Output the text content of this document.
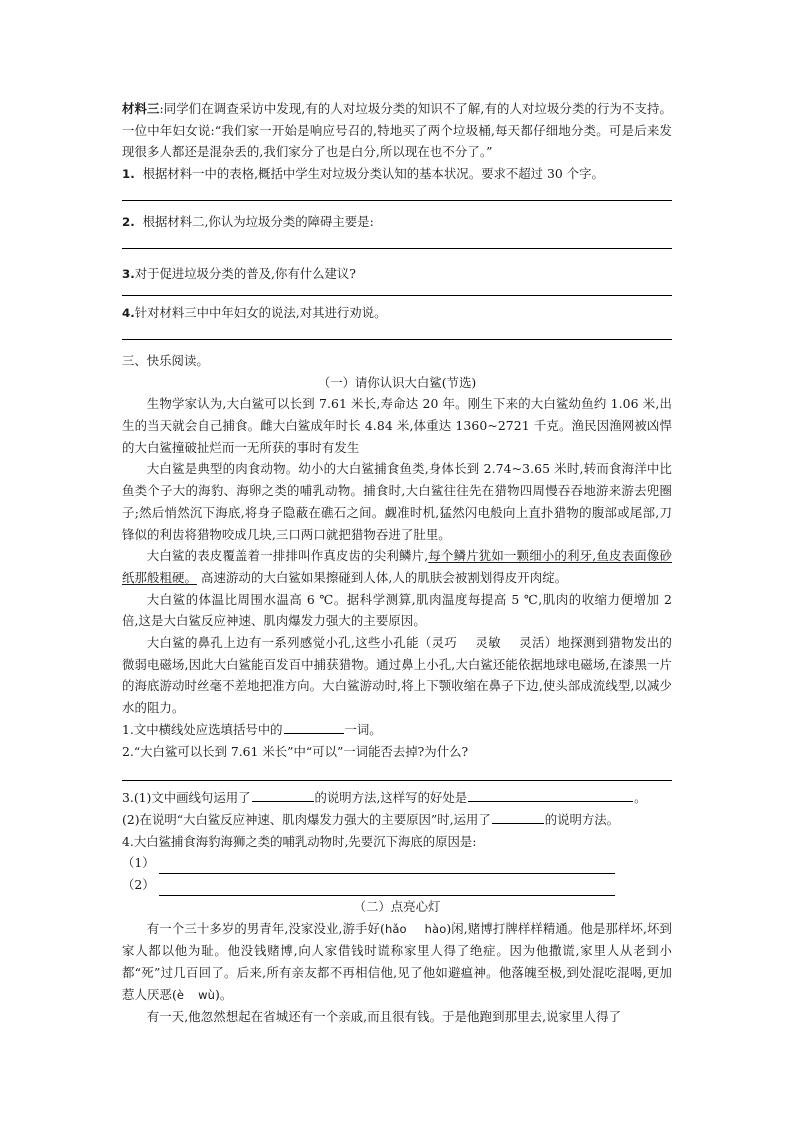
材料三:同学们在调查采访中发现,有的人对垃圾分类的知识不了解,有的人对垃圾分类的行为不支持。一位中年妇女说:“我们家一开始是响应号召的,特地买了两个垃圾桶,每天都仔细地分类。可是后来发现很多人都还是混杂丢的,我们家分了也是白分,所以现在也不分了。”

1. 根据材料一中的表格,概括中学生对垃圾分类认知的基本状况。要求不超过 30 个字。

2. 根据材料二,你认为垃圾分类的障碍主要是:

3.对于促进垃圾分类的普及,你有什么建议?

4.针对材料三中中年妇女的说法,对其进行劝说。

三、快乐阅读。

（一）请你认识大白鲨(节选)

生物学家认为,大白鲨可以长到 7.61 米长,寿命达 20 年。刚生下来的大白鲨幼鱼约 1.06 米,出生的当天就会自己捕食。雌大白鲨成年时长 4.84 米,体重达 1360~2721 千克。渔民因渔网被凶悍的大白鲨撞破扯烂而一无所获的事时有发生

大白鲨是典型的肉食动物。幼小的大白鲨捕食鱼类,身体长到 2.74~3.65 米时,转而食海洋中比鱼类个子大的海豹、海卵之类的哺乳动物。捕食时,大白鲨往往先在猎物四周慢吞吞地游来游去兜圈子;然后悄然沉下海底,将身子隐蔽在礁石之间。觑准时机,猛然闪电般向上直扑猎物的腹部或尾部,刀锋似的利齿将猎物咬成几块,三口两口就把猎物吞进了肚里。

大白鲨的表皮覆盖着一排排叫作真皮齿的尖利鳞片,每个鳞片犹如一颗细小的利牙,鱼皮表面像砂纸那般粗硬。 高速游动的大白鲨如果擦碰到人体,人的肌肤会被割划得皮开肉绽。

大白鲨的体温比周围水温高 6 ℃。据科学测算,肌肉温度每提高 5 ℃,肌肉的收缩力便增加 2 倍,这是大白鲨反应神速、肌肉爆发力强大的主要原因。

大白鲨的鼻孔上边有一系列感觉小孔,这些小孔能（灵巧 灵敏 灵活）地探测到猎物发出的微弱电磁场,因此大白鲨能百发百中捕获猎物。通过鼻上小孔,大白鲨还能依据地球电磁场,在漆黑一片的海底游动时丝毫不差地把准方向。大白鲨游动时,将上下颚收缩在鼻子下边,使头部成流线型,以减少水的阻力。

1.文中横线处应选填括号中的	一词。

2.“大白鲨可以长到 7.61 米长”中“可以”一词能否去掉?为什么?

3.(1)文中画线句运用了	的说明方法,这样写的好处是	。

(2)在说明“大白鲨反应神速、肌肉爆发力强大的主要原因”时,运用了	的说明方法。

4.大白鲨捕食海豹海狮之类的哺乳动物时,先要沉下海底的原因是:

（1）
（2）

（二）点亮心灯

有一个三十多岁的男青年,没家没业,游手好(hǎo hào)闲,赌博打牌样样精通。他是那样坏,坏到家人都以他为耻。他没钱赌博,向人家借钱时谎称家里人得了绝症。因为他撒谎,家里人从老到小都“死”过几百回了。后来,所有亲友都不再相信他,见了他如避瘟神。他落魄至极,到处混吃混喝,更加惹人厌恶(è wù)。

有一天,他忽然想起在省城还有一个亲戚,而且很有钱。于是他跑到那里去,说家里人得了
